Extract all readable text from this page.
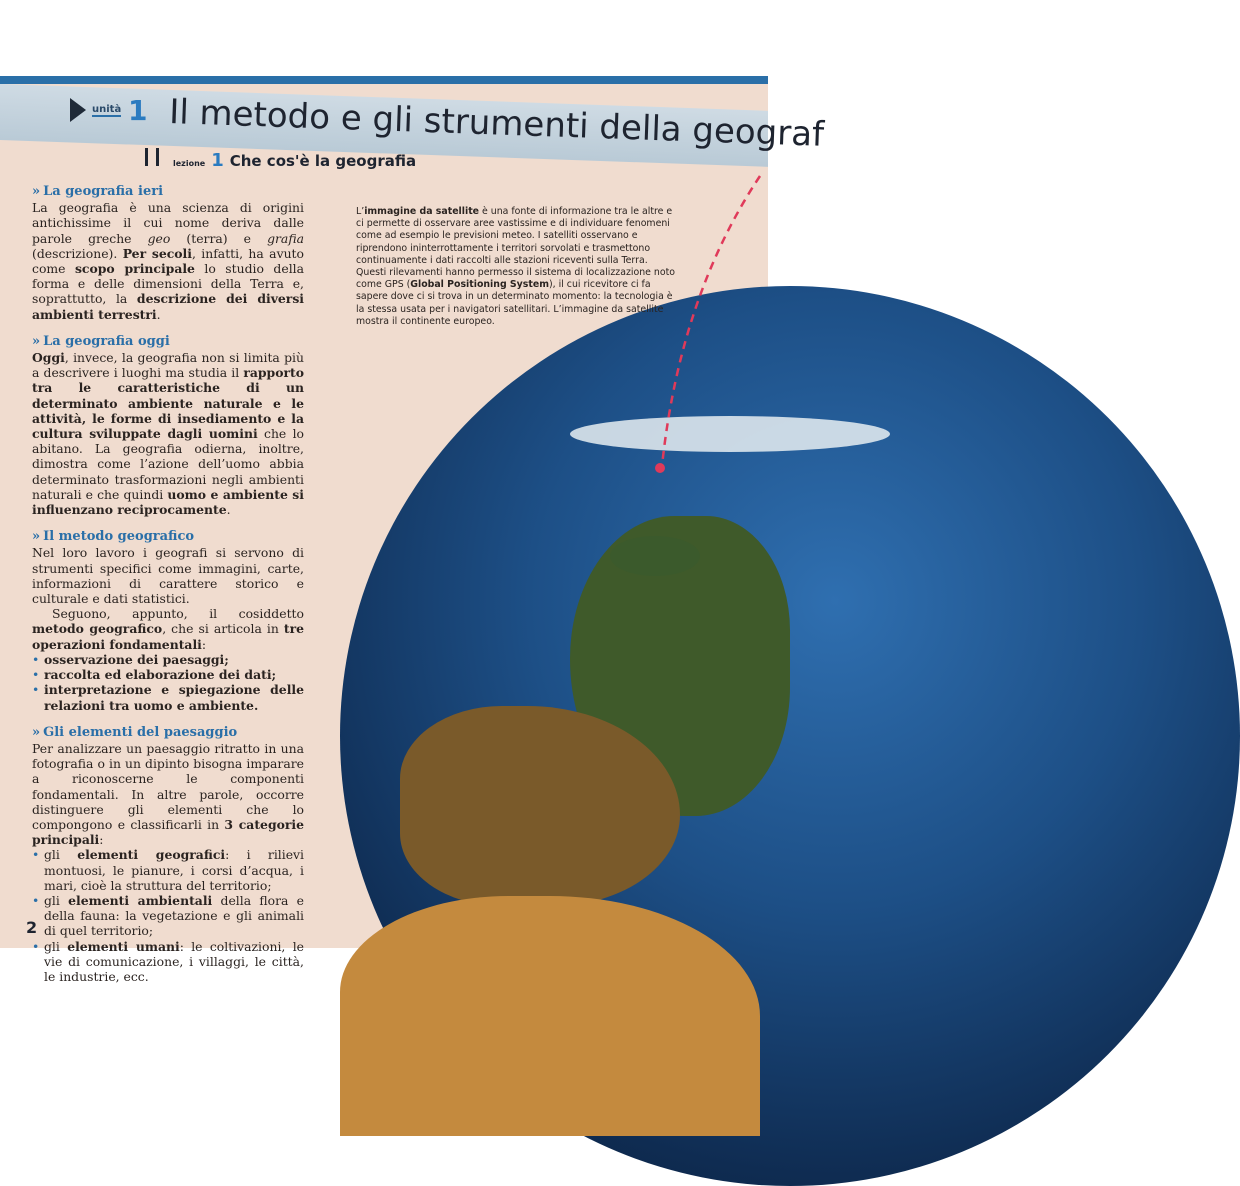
unità 1 Il metodo e gli strumenti della geograf
lezione 1 Che cos'è la geografia
L’immagine da satellite è una fonte di informazione tra le altre e ci permette di osservare aree vastissime e di individuare fenomeni come ad esempio le previsioni meteo. I satelliti osservano e riprendono ininterrottamente i territori sorvolati e trasmettono continuamente i dati raccolti alle stazioni riceventi sulla Terra. Questi rilevamenti hanno permesso il sistema di localizzazione noto come GPS (Global Positioning System), il cui ricevitore ci fa sapere dove ci si trova in un determinato momento: la tecnologia è la stessa usata per i navigatori satellitari. L’immagine da satellite mostra il continente europeo.
» La geografia ieri

La geografia è una scienza di origini antichissime il cui nome deriva dalle parole greche geo (terra) e grafia (descrizione). Per secoli, infatti, ha avuto come scopo principale lo studio della forma e delle dimensioni della Terra e, soprattutto, la descrizione dei diversi ambienti terrestri.

» La geografia oggi

Oggi, invece, la geografia non si limita più a descrivere i luoghi ma studia il rapporto tra le caratteristiche di un determinato ambiente naturale e le attività, le forme di insediamento e la cultura sviluppate dagli uomini che lo abitano. La geografia odierna, inoltre, dimostra come l’azione dell’uomo abbia determinato trasformazioni negli ambienti naturali e che quindi uomo e ambiente si influenzano reciprocamente.

» Il metodo geografico

Nel loro lavoro i geografi si servono di strumenti specifici come immagini, carte, informazioni di carattere storico e culturale e dati statistici.

Seguono, appunto, il cosiddetto metodo geografico, che si articola in tre operazioni fondamentali:

• osservazione dei paesaggi;
• raccolta ed elaborazione dei dati;
• interpretazione e spiegazione delle relazioni tra uomo e ambiente.
» Gli elementi del paesaggio

Per analizzare un paesaggio ritratto in una fotografia o in un dipinto bisogna imparare a riconoscerne le componenti fondamentali. In altre parole, occorre distinguere gli elementi che lo compongono e classificarli in 3 categorie principali:

• gli elementi geografici: i rilievi montuosi, le pianure, i corsi d’acqua, i mari, cioè la struttura del territorio;
• gli elementi ambientali della flora e della fauna: la vegetazione e gli animali di quel territorio;
• gli elementi umani: le coltivazioni, le vie di comunicazione, i villaggi, le città, le industrie, ecc.
2
